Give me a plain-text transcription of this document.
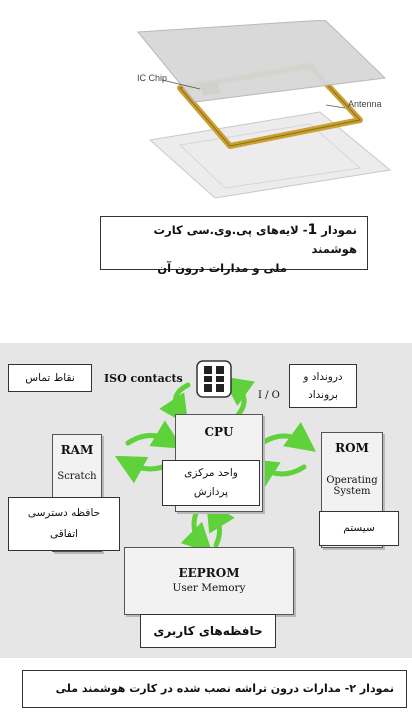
IC Chip
Antenna
نمودار 1- لایه‌های پی.وی.سی کارت هوشمند
ملی و مدارات درون آن
ISO contacts
I / O
CPU
RAM
Scratch
ROM
Operating
System
EEPROM
User Memory
نقاط تماس	درونداد و
برونداد
واحد مرکزی
پردازش
حافظه دسترسی
اتفاقی	سیستم
حافظه‌های کاربری
نمودار ۲- مدارات درون تراشه نصب شده در کارت هوشمند ملی
